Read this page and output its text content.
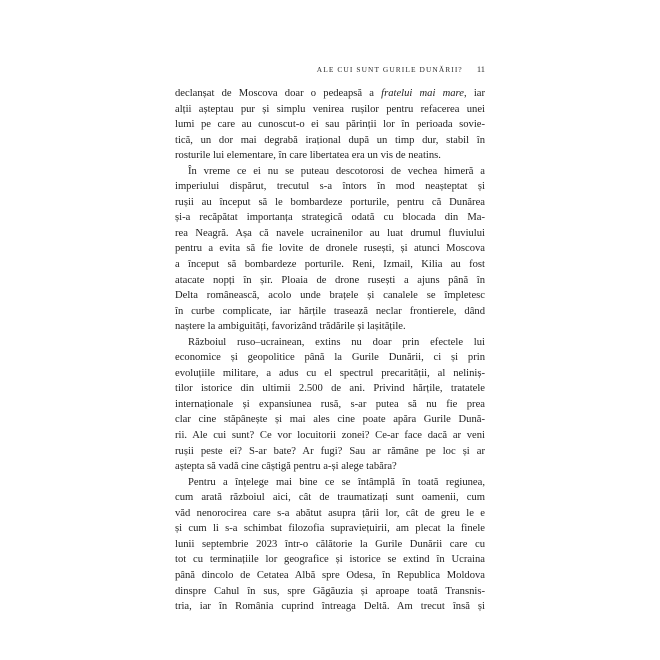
ALE CUI SUNT GURILE DUNĂRII? 11

declanșat de Moscova doar o pedeapsă a fratelui mai mare, iar
alții așteptau pur și simplu venirea rușilor pentru refacerea unei
lumi pe care au cunoscut-o ei sau părinții lor în perioada sovie-
tică, un dor mai degrabă irațional după un timp dur, stabil în
rosturile lui elementare, în care libertatea era un vis de neatins.

În vreme ce ei nu se puteau descotorosi de vechea himeră a
imperiului dispărut, trecutul s-a întors în mod neașteptat și
rușii au început să le bombardeze porturile, pentru că Dunărea
și-a recăpătat importanța strategică odată cu blocada din Ma-
rea Neagră. Așa că navele ucrainenilor au luat drumul fluviului
pentru a evita să fie lovite de dronele rusești, și atunci Moscova
a început să bombardeze porturile. Reni, Izmail, Kilia au fost
atacate nopți în șir. Ploaia de drone rusești a ajuns până în
Delta românească, acolo unde brațele și canalele se împletesc
în curbe complicate, iar hărțile trasează neclar frontierele, dând
naștere la ambiguități, favorizând trădările și lașitățile.

Războiul ruso–ucrainean, extins nu doar prin efectele lui
economice și geopolitice până la Gurile Dunării, ci și prin
evoluțiile militare, a adus cu el spectrul precarității, al neliniș-
tilor istorice din ultimii 2.500 de ani. Privind hărțile, tratatele
internaționale și expansiunea rusă, s-ar putea să nu fie prea
clar cine stăpânește și mai ales cine poate apăra Gurile Dună-
rii. Ale cui sunt? Ce vor locuitorii zonei? Ce-ar face dacă ar veni
rușii peste ei? S-ar bate? Ar fugi? Sau ar rămâne pe loc și ar
aștepta să vadă cine câștigă pentru a-și alege tabăra?

Pentru a înțelege mai bine ce se întâmplă în toată regiunea,
cum arată războiul aici, cât de traumatizați sunt oamenii, cum
văd nenorocirea care s-a abătut asupra țării lor, cât de greu le e
și cum li s-a schimbat filozofia supraviețuirii, am plecat la finele
lunii septembrie 2023 într-o călătorie la Gurile Dunării care cu
tot cu terminațiile lor geografice și istorice se extind în Ucraina
până dincolo de Cetatea Albă spre Odesa, în Republica Moldova
dinspre Cahul în sus, spre Găgăuzia și aproape toată Transnis-
tria, iar în România cuprind întreaga Deltă. Am trecut însă și
